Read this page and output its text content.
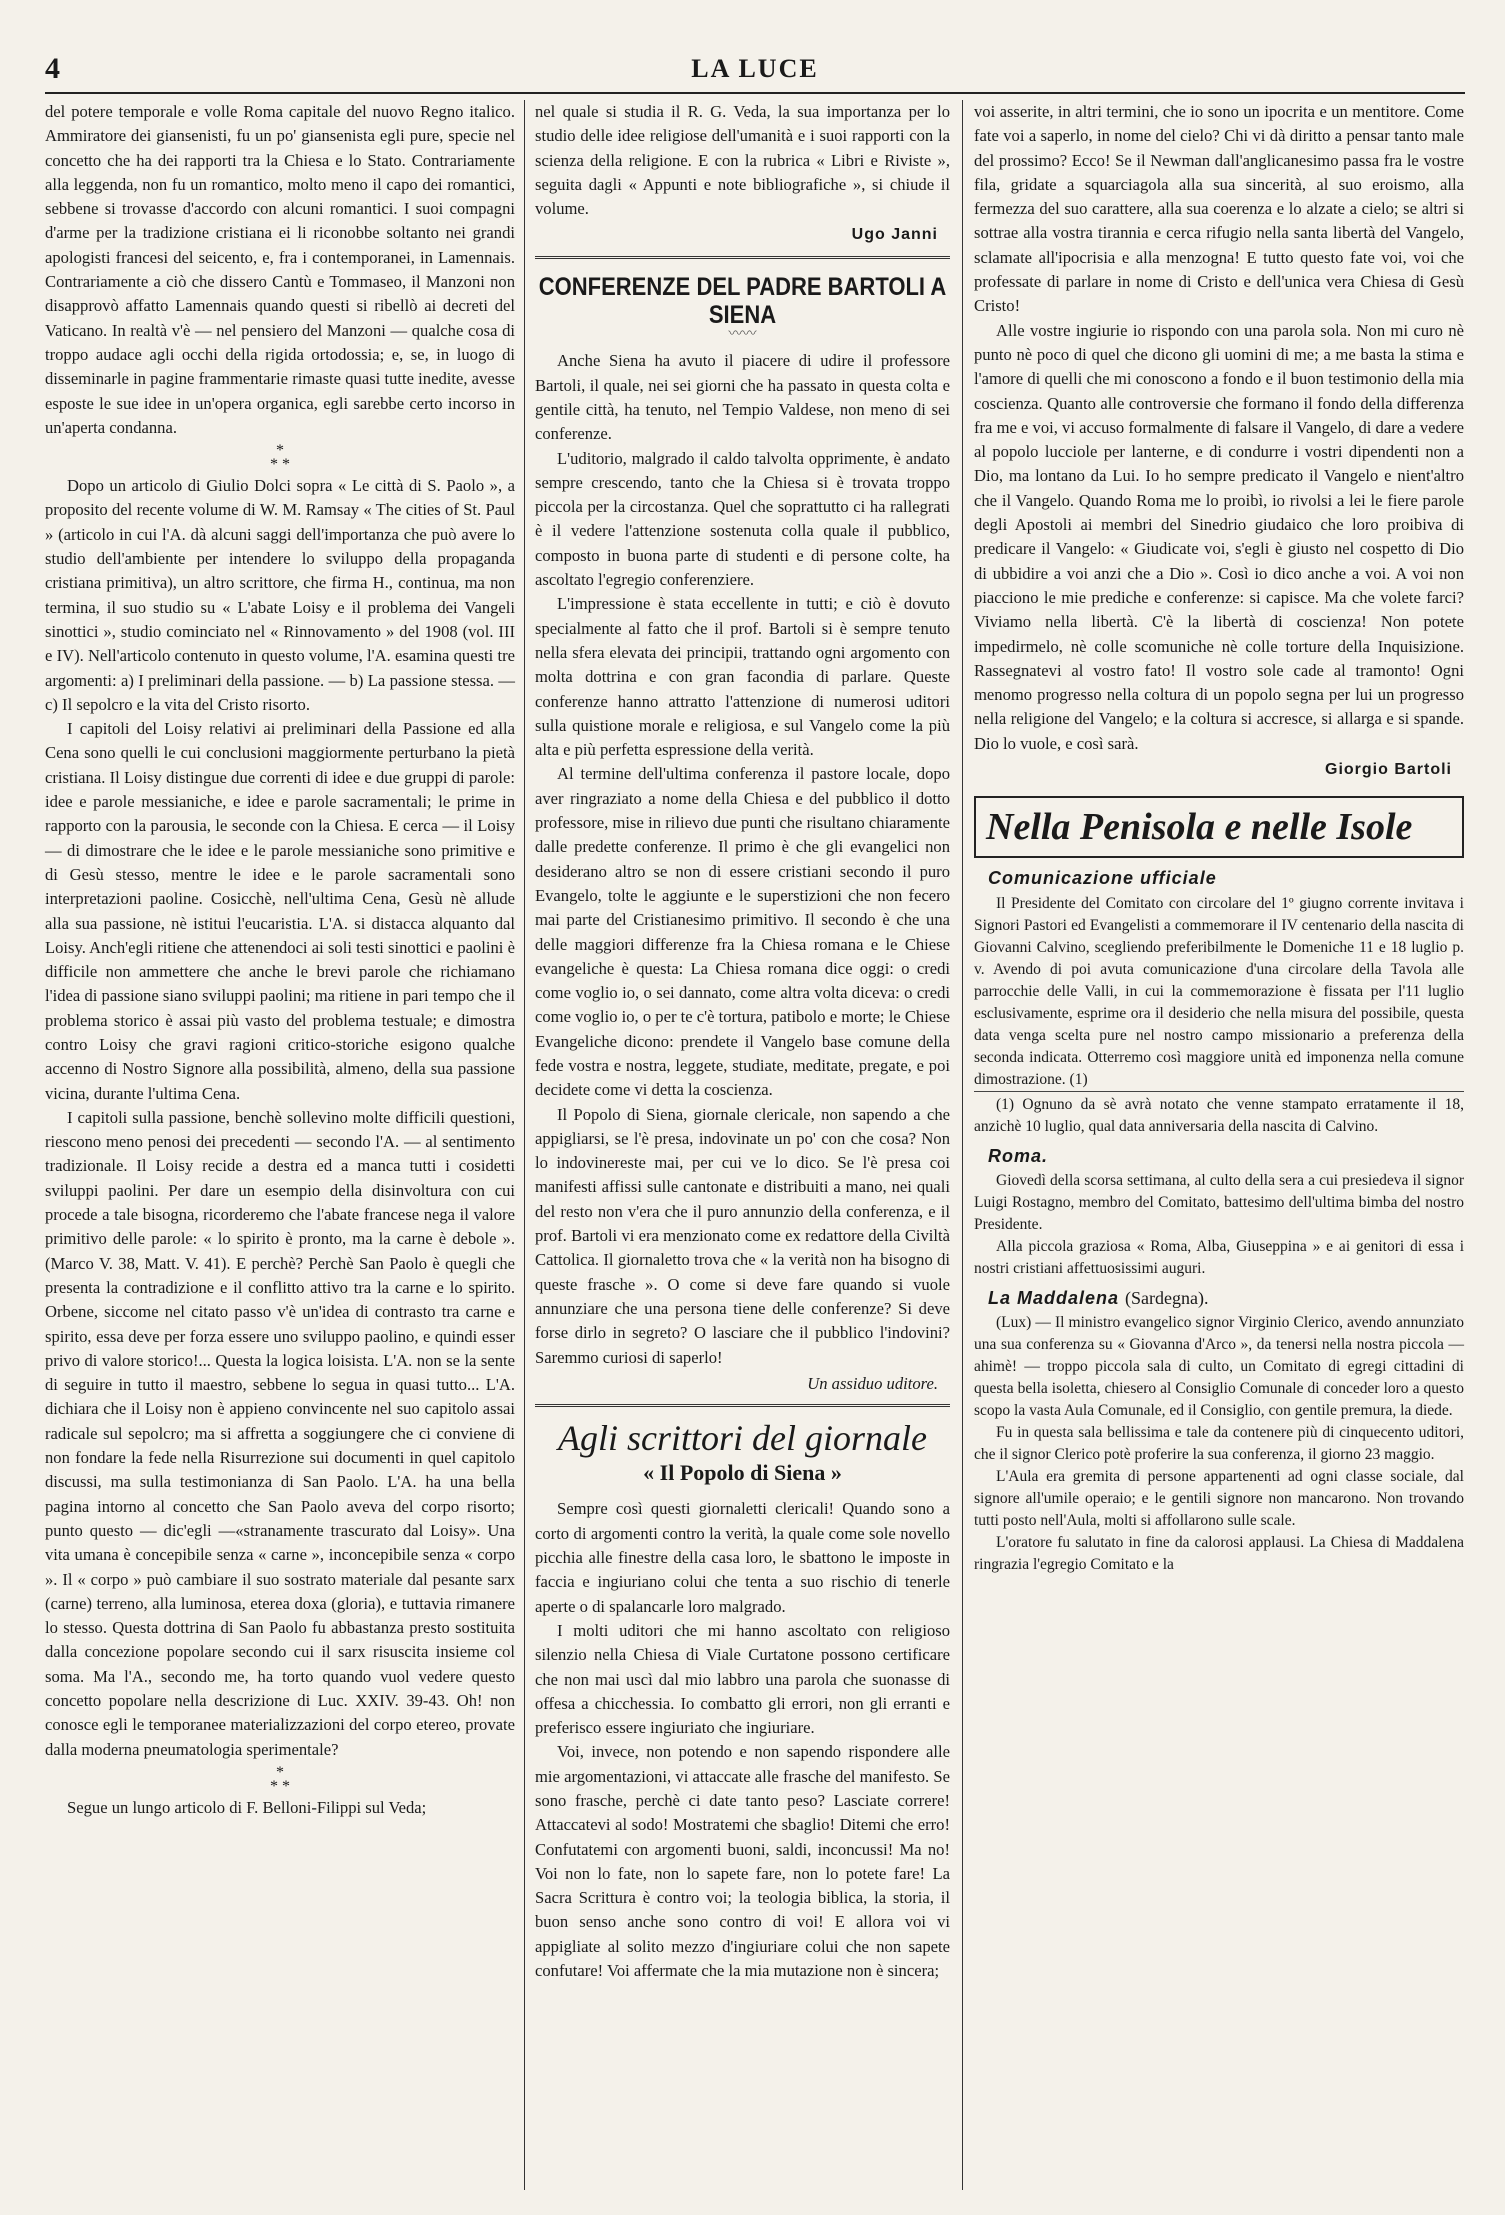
4	LA LUCE

del potere temporale e volle Roma capitale del nuovo Regno italico. Ammiratore dei giansenisti, fu un po' giansenista egli pure, specie nel concetto che ha dei rapporti tra la Chiesa e lo Stato. Contrariamente alla leggenda, non fu un romantico, molto meno il capo dei romantici, sebbene si trovasse d'accordo con alcuni romantici. I suoi compagni d'arme per la tradizione cristiana ei li riconobbe soltanto nei grandi apologisti francesi del seicento, e, fra i contemporanei, in Lamennais. Contrariamente a ciò che dissero Cantù e Tommaseo, il Manzoni non disapprovò affatto Lamennais quando questi si ribellò ai decreti del Vaticano. In realtà v'è — nel pensiero del Manzoni — qualche cosa di troppo audace agli occhi della rigida ortodossia; e, se, in luogo di disseminarle in pagine frammentarie rimaste quasi tutte inedite, avesse esposte le sue idee in un'opera organica, egli sarebbe certo incorso in un'aperta condanna.

*
* *

Dopo un articolo di Giulio Dolci sopra « Le città di S. Paolo », a proposito del recente volume di W. M. Ramsay « The cities of St. Paul » (articolo in cui l'A. dà alcuni saggi dell'importanza che può avere lo studio dell'ambiente per intendere lo sviluppo della propaganda cristiana primitiva), un altro scrittore, che firma H., continua, ma non termina, il suo studio su « L'abate Loisy e il problema dei Vangeli sinottici », studio cominciato nel « Rinnovamento » del 1908 (vol. III e IV). Nell'articolo contenuto in questo volume, l'A. esamina questi tre argomenti: a) I preliminari della passione. — b) La passione stessa. — c) Il sepolcro e la vita del Cristo risorto.

I capitoli del Loisy relativi ai preliminari della Passione ed alla Cena sono quelli le cui conclusioni maggiormente perturbano la pietà cristiana. Il Loisy distingue due correnti di idee e due gruppi di parole: idee e parole messianiche, e idee e parole sacramentali; le prime in rapporto con la parousia, le seconde con la Chiesa. E cerca — il Loisy — di dimostrare che le idee e le parole messianiche sono primitive e di Gesù stesso, mentre le idee e le parole sacramentali sono interpretazioni paoline. Cosicchè, nell'ultima Cena, Gesù nè allude alla sua passione, nè istitui l'eucaristia. L'A. si distacca alquanto dal Loisy. Anch'egli ritiene che attenendoci ai soli testi sinottici e paolini è difficile non ammettere che anche le brevi parole che richiamano l'idea di passione siano sviluppi paolini; ma ritiene in pari tempo che il problema storico è assai più vasto del problema testuale; e dimostra contro Loisy che gravi ragioni critico-storiche esigono qualche accenno di Nostro Signore alla possibilità, almeno, della sua passione vicina, durante l'ultima Cena.

I capitoli sulla passione, benchè sollevino molte difficili questioni, riescono meno penosi dei precedenti — secondo l'A. — al sentimento tradizionale. Il Loisy recide a destra ed a manca tutti i cosidetti sviluppi paolini. Per dare un esempio della disinvoltura con cui procede a tale bisogna, ricorderemo che l'abate francese nega il valore primitivo delle parole: « lo spirito è pronto, ma la carne è debole ». (Marco V. 38, Matt. V. 41). E perchè? Perchè San Paolo è quegli che presenta la contradizione e il conflitto attivo tra la carne e lo spirito. Orbene, siccome nel citato passo v'è un'idea di contrasto tra carne e spirito, essa deve per forza essere uno sviluppo paolino, e quindi esser privo di valore storico!... Questa la logica loisista. L'A. non se la sente di seguire in tutto il maestro, sebbene lo segua in quasi tutto... L'A. dichiara che il Loisy non è appieno convincente nel suo capitolo assai radicale sul sepolcro; ma si affretta a soggiungere che ci conviene di non fondare la fede nella Risurrezione sui documenti in quel capitolo discussi, ma sulla testimonianza di San Paolo. L'A. ha una bella pagina intorno al concetto che San Paolo aveva del corpo risorto; punto questo — dic'egli —«stranamente trascurato dal Loisy». Una vita umana è concepibile senza « carne », inconcepibile senza « corpo ». Il « corpo » può cambiare il suo sostrato materiale dal pesante sarx (carne) terreno, alla luminosa, eterea doxa (gloria), e tuttavia rimanere lo stesso. Questa dottrina di San Paolo fu abbastanza presto sostituita dalla concezione popolare secondo cui il sarx risuscita insieme col soma. Ma l'A., secondo me, ha torto quando vuol vedere questo concetto popolare nella descrizione di Luc. XXIV. 39-43. Oh! non conosce egli le temporanee materializzazioni del corpo etereo, provate dalla moderna pneumatologia sperimentale?

*
* *

Segue un lungo articolo di F. Belloni-Filippi sul Veda;

nel quale si studia il R. G. Veda, la sua importanza per lo studio delle idee religiose dell'umanità e i suoi rapporti con la scienza della religione. E con la rubrica « Libri e Riviste », seguita dagli « Appunti e note bibliografiche », si chiude il volume.

Ugo Janni
CONFERENZE DEL PADRE BARTOLI A SIENA
〰〰

Anche Siena ha avuto il piacere di udire il professore Bartoli, il quale, nei sei giorni che ha passato in questa colta e gentile città, ha tenuto, nel Tempio Valdese, non meno di sei conferenze.

L'uditorio, malgrado il caldo talvolta opprimente, è andato sempre crescendo, tanto che la Chiesa si è trovata troppo piccola per la circostanza. Quel che soprattutto ci ha rallegrati è il vedere l'attenzione sostenuta colla quale il pubblico, composto in buona parte di studenti e di persone colte, ha ascoltato l'egregio conferenziere.

L'impressione è stata eccellente in tutti; e ciò è dovuto specialmente al fatto che il prof. Bartoli si è sempre tenuto nella sfera elevata dei principii, trattando ogni argomento con molta dottrina e con gran facondia di parlare. Queste conferenze hanno attratto l'attenzione di numerosi uditori sulla quistione morale e religiosa, e sul Vangelo come la più alta e più perfetta espressione della verità.

Al termine dell'ultima conferenza il pastore locale, dopo aver ringraziato a nome della Chiesa e del pubblico il dotto professore, mise in rilievo due punti che risultano chiaramente dalle predette conferenze. Il primo è che gli evangelici non desiderano altro se non di essere cristiani secondo il puro Evangelo, tolte le aggiunte e le superstizioni che non fecero mai parte del Cristianesimo primitivo. Il secondo è che una delle maggiori differenze fra la Chiesa romana e le Chiese evangeliche è questa: La Chiesa romana dice oggi: o credi come voglio io, o sei dannato, come altra volta diceva: o credi come voglio io, o per te c'è tortura, patibolo e morte; le Chiese Evangeliche dicono: prendete il Vangelo base comune della fede vostra e nostra, leggete, studiate, meditate, pregate, e poi decidete come vi detta la coscienza.

Il Popolo di Siena, giornale clericale, non sapendo a che appigliarsi, se l'è presa, indovinate un po' con che cosa? Non lo indovinereste mai, per cui ve lo dico. Se l'è presa coi manifesti affissi sulle cantonate e distribuiti a mano, nei quali del resto non v'era che il puro annunzio della conferenza, e il prof. Bartoli vi era menzionato come ex redattore della Civiltà Cattolica. Il giornaletto trova che « la verità non ha bisogno di queste frasche ». O come si deve fare quando si vuole annunziare che una persona tiene delle conferenze? Si deve forse dirlo in segreto? O lasciare che il pubblico l'indovini? Saremmo curiosi di saperlo!

Un assiduo uditore.
Agli scrittori del giornale
« Il Popolo di Siena »

Sempre così questi giornaletti clericali! Quando sono a corto di argomenti contro la verità, la quale come sole novello picchia alle finestre della casa loro, le sbattono le imposte in faccia e ingiuriano colui che tenta a suo rischio di tenerle aperte o di spalancarle loro malgrado.

I molti uditori che mi hanno ascoltato con religioso silenzio nella Chiesa di Viale Curtatone possono certificare che non mai uscì dal mio labbro una parola che suonasse di offesa a chicchessia. Io combatto gli errori, non gli erranti e preferisco essere ingiuriato che ingiuriare.

Voi, invece, non potendo e non sapendo rispondere alle mie argomentazioni, vi attaccate alle frasche del manifesto. Se sono frasche, perchè ci date tanto peso? Lasciate correre! Attaccatevi al sodo! Mostratemi che sbaglio! Ditemi che erro! Confutatemi con argomenti buoni, saldi, inconcussi! Ma no! Voi non lo fate, non lo sapete fare, non lo potete fare! La Sacra Scrittura è contro voi; la teologia biblica, la storia, il buon senso anche sono contro di voi! E allora voi vi appigliate al solito mezzo d'ingiuriare colui che non sapete confutare! Voi affermate che la mia mutazione non è sincera;

voi asserite, in altri termini, che io sono un ipocrita e un mentitore. Come fate voi a saperlo, in nome del cielo? Chi vi dà diritto a pensar tanto male del prossimo? Ecco! Se il Newman dall'anglicanesimo passa fra le vostre fila, gridate a squarciagola alla sua sincerità, al suo eroismo, alla fermezza del suo carattere, alla sua coerenza e lo alzate a cielo; se altri si sottrae alla vostra tirannia e cerca rifugio nella santa libertà del Vangelo, sclamate all'ipocrisia e alla menzogna! E tutto questo fate voi, voi che professate di parlare in nome di Cristo e dell'unica vera Chiesa di Gesù Cristo!

Alle vostre ingiurie io rispondo con una parola sola. Non mi curo nè punto nè poco di quel che dicono gli uomini di me; a me basta la stima e l'amore di quelli che mi conoscono a fondo e il buon testimonio della mia coscienza. Quanto alle controversie che formano il fondo della differenza fra me e voi, vi accuso formalmente di falsare il Vangelo, di dare a vedere al popolo lucciole per lanterne, e di condurre i vostri dipendenti non a Dio, ma lontano da Lui. Io ho sempre predicato il Vangelo e nient'altro che il Vangelo. Quando Roma me lo proibì, io rivolsi a lei le fiere parole degli Apostoli ai membri del Sinedrio giudaico che loro proibiva di predicare il Vangelo: « Giudicate voi, s'egli è giusto nel cospetto di Dio di ubbidire a voi anzi che a Dio ». Così io dico anche a voi. A voi non piacciono le mie prediche e conferenze: si capisce. Ma che volete farci? Viviamo nella libertà. C'è la libertà di coscienza! Non potete impedirmelo, nè colle scomuniche nè colle torture della Inquisizione. Rassegnatevi al vostro fato! Il vostro sole cade al tramonto! Ogni menomo progresso nella coltura di un popolo segna per lui un progresso nella religione del Vangelo; e la coltura si accresce, si allarga e si spande. Dio lo vuole, e così sarà.

Giorgio Bartoli
Nella Penisola e nelle Isole
Comunicazione ufficiale

Il Presidente del Comitato con circolare del 1º giugno corrente invitava i Signori Pastori ed Evangelisti a commemorare il IV centenario della nascita di Giovanni Calvino, scegliendo preferibilmente le Domeniche 11 e 18 luglio p. v. Avendo di poi avuta comunicazione d'una circolare della Tavola alle parrocchie delle Valli, in cui la commemorazione è fissata per l'11 luglio esclusivamente, esprime ora il desiderio che nella misura del possibile, questa data venga scelta pure nel nostro campo missionario a preferenza della seconda indicata. Otterremo così maggiore unità ed imponenza nella comune dimostrazione. (1)

(1) Ognuno da sè avrà notato che venne stampato erratamente il 18, anzichè 10 luglio, qual data anniversaria della nascita di Calvino.

Roma.

Giovedì della scorsa settimana, al culto della sera a cui presiedeva il signor Luigi Rostagno, membro del Comitato, battesimo dell'ultima bimba del nostro Presidente.

Alla piccola graziosa « Roma, Alba, Giuseppina » e ai genitori di essa i nostri cristiani affettuosissimi auguri.

La Maddalena (Sardegna).

(Lux) — Il ministro evangelico signor Virginio Clerico, avendo annunziato una sua conferenza su « Giovanna d'Arco », da tenersi nella nostra piccola — ahimè! — troppo piccola sala di culto, un Comitato di egregi cittadini di questa bella isoletta, chiesero al Consiglio Comunale di conceder loro a questo scopo la vasta Aula Comunale, ed il Consiglio, con gentile premura, la diede.

Fu in questa sala bellissima e tale da contenere più di cinquecento uditori, che il signor Clerico potè proferire la sua conferenza, il giorno 23 maggio.

L'Aula era gremita di persone appartenenti ad ogni classe sociale, dal signore all'umile operaio; e le gentili signore non mancarono. Non trovando tutti posto nell'Aula, molti si affollarono sulle scale.

L'oratore fu salutato in fine da calorosi applausi. La Chiesa di Maddalena ringrazia l'egregio Comitato e la
